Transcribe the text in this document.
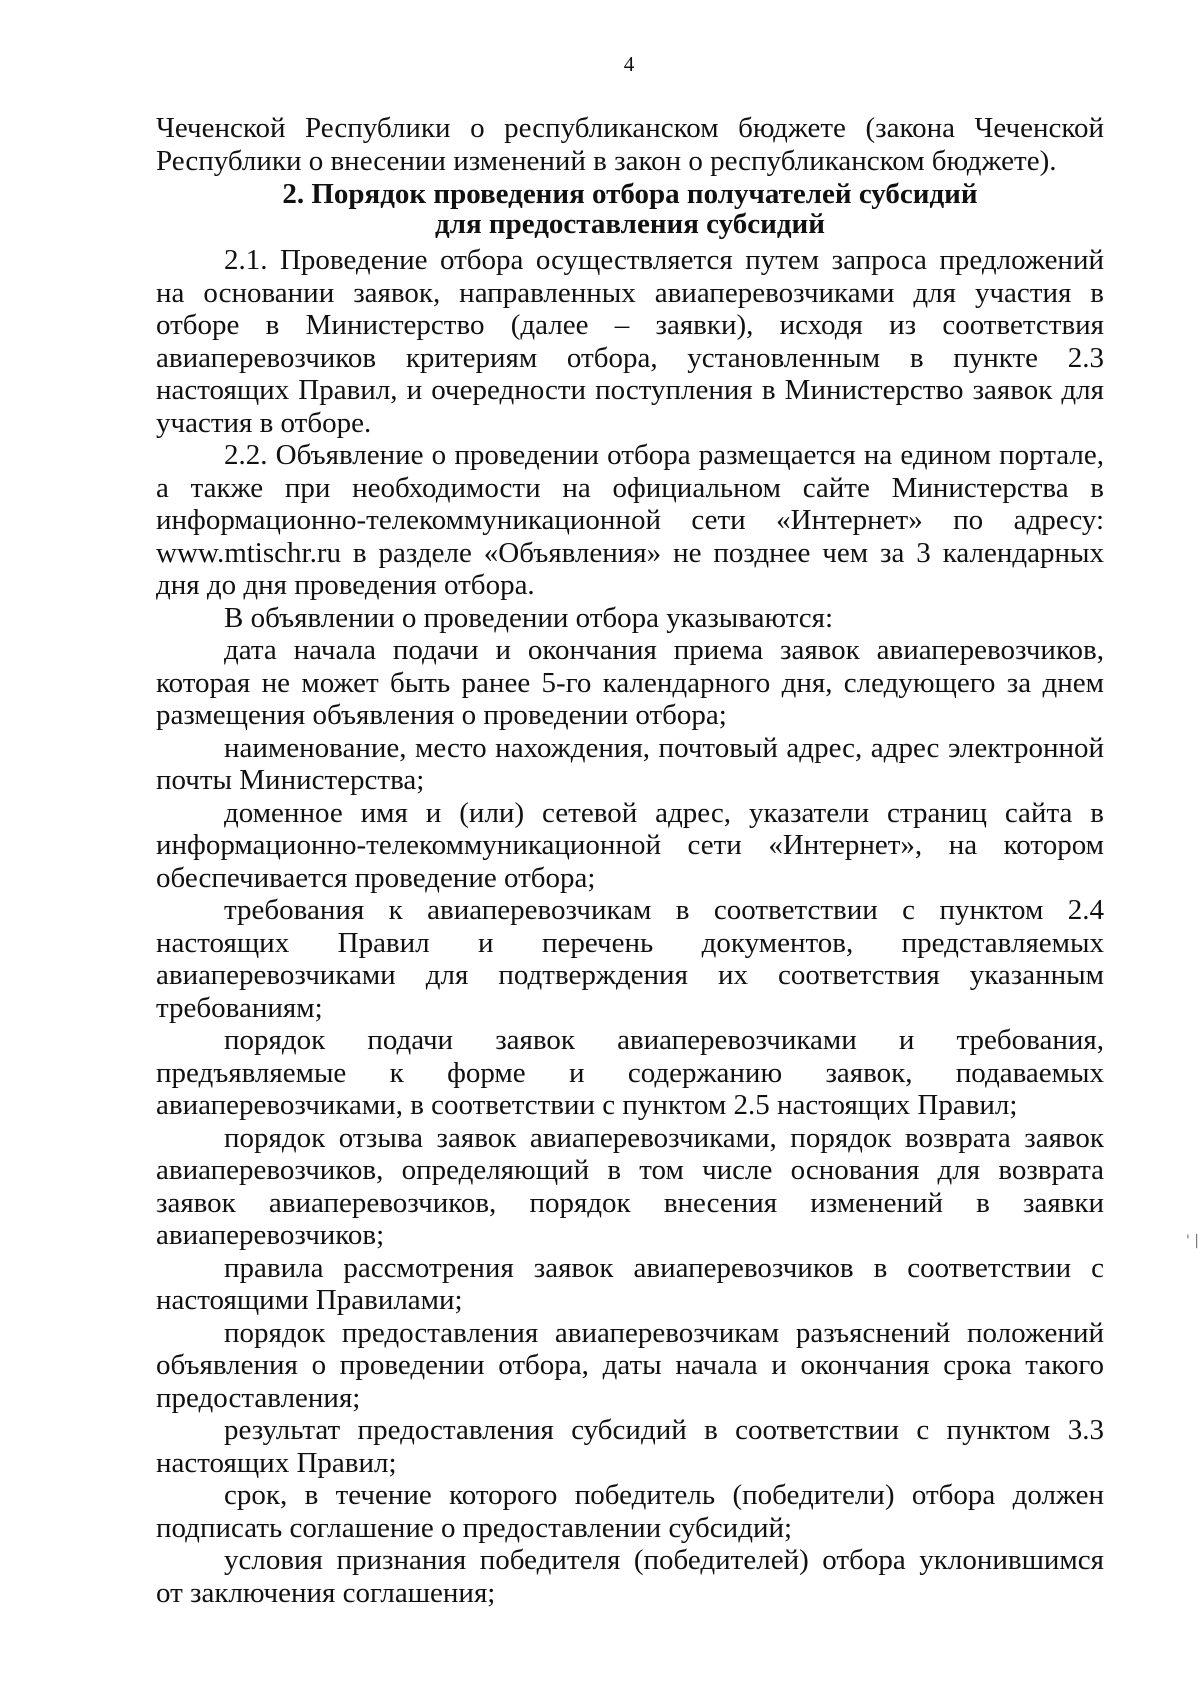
4

Чеченской Республики о республиканском бюджете (закона Чеченской Республики о внесении изменений в закон о республиканском бюджете).

2. Порядок проведения отбора получателей субсидий
для предоставления субсидий

2.1. Проведение отбора осуществляется путем запроса предложений на основании заявок, направленных авиаперевозчиками для участия в отборе в Министерство (далее – заявки), исходя из соответствия авиаперевозчиков критериям отбора, установленным в пункте 2.3 настоящих Правил, и очередности поступления в Министерство заявок для участия в отборе.

2.2. Объявление о проведении отбора размещается на едином портале, а также при необходимости на официальном сайте Министерства в информационно-телекоммуникационной сети «Интернет» по адресу: www.mtischr.ru в разделе «Объявления» не позднее чем за 3 календарных дня до дня проведения отбора.

В объявлении о проведении отбора указываются:

дата начала подачи и окончания приема заявок авиаперевозчиков, которая не может быть ранее 5-го календарного дня, следующего за днем размещения объявления о проведении отбора;

наименование, место нахождения, почтовый адрес, адрес электронной почты Министерства;

доменное имя и (или) сетевой адрес, указатели страниц сайта в информационно-телекоммуникационной сети «Интернет», на котором обеспечивается проведение отбора;

требования к авиаперевозчикам в соответствии с пунктом 2.4 настоящих Правил и перечень документов, представляемых авиаперевозчиками для подтверждения их соответствия указанным требованиям;

порядок подачи заявок авиаперевозчиками и требования, предъявляемые к форме и содержанию заявок, подаваемых авиаперевозчиками, в соответствии с пунктом 2.5 настоящих Правил;

порядок отзыва заявок авиаперевозчиками, порядок возврата заявок авиаперевозчиков, определяющий в том числе основания для возврата заявок авиаперевозчиков, порядок внесения изменений в заявки авиаперевозчиков;

правила рассмотрения заявок авиаперевозчиков в соответствии с настоящими Правилами;

порядок предоставления авиаперевозчикам разъяснений положений объявления о проведении отбора, даты начала и окончания срока такого предоставления;

результат предоставления субсидий в соответствии с пунктом 3.3 настоящих Правил;

срок, в течение которого победитель (победители) отбора должен подписать соглашение о предоставлении субсидий;

условия признания победителя (победителей) отбора уклонившимся от заключения соглашения;

' |
